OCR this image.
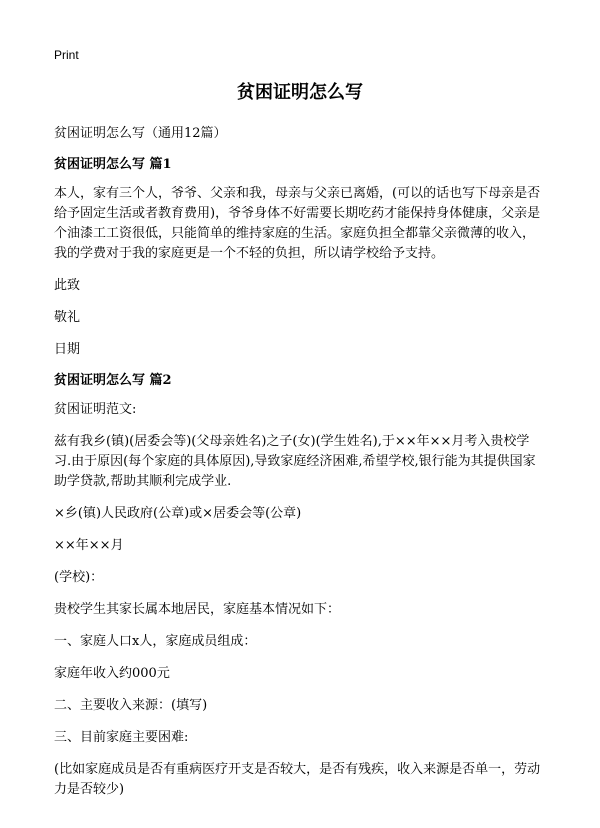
Print
贫困证明怎么写
贫困证明怎么写（通用12篇）
贫困证明怎么写 篇1
本人，家有三个人，爷爷、父亲和我，母亲与父亲已离婚，(可以的话也写下母亲是否给予固定生活或者教育费用)，爷爷身体不好需要长期吃药才能保持身体健康，父亲是个油漆工工资很低，只能简单的维持家庭的生活。家庭负担全都靠父亲微薄的收入，我的学费对于我的家庭更是一个不轻的负担，所以请学校给予支持。
此致
敬礼
日期
贫困证明怎么写 篇2
贫困证明范文:
兹有我乡(镇)(居委会等)(父母亲姓名)之子(女)(学生姓名),于××年××月考入贵校学习.由于原因(每个家庭的具体原因),导致家庭经济困难,希望学校,银行能为其提供国家助学贷款,帮助其顺利完成学业.
×乡(镇)人民政府(公章)或×居委会等(公章)
××年××月
(学校)：
贵校学生其家长属本地居民，家庭基本情况如下：
一、家庭人口x人，家庭成员组成：
家庭年收入约000元
二、主要收入来源：(填写)
三、目前家庭主要困难:
(比如家庭成员是否有重病医疗开支是否较大，是否有残疾，收入来源是否单一，劳动力是否较少)
